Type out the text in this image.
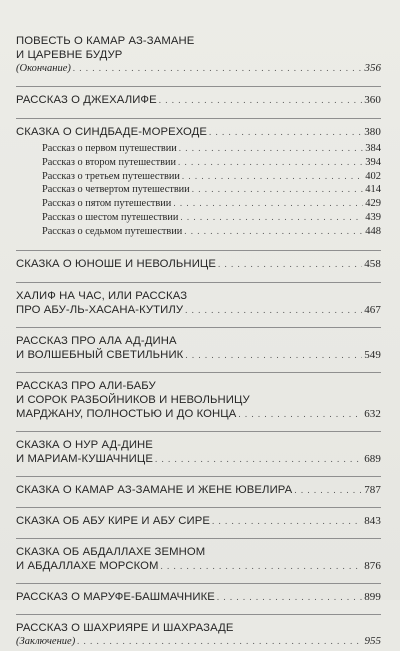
ПОВЕСТЬ О КАМАР АЗ-ЗАМАНЕ
И ЦАРЕВНЕ БУДУР
(Окончание) . . .	356
РАССКАЗ О ДЖЕХАЛИФЕ . . .	360
СКАЗКА О СИНДБАДЕ-МОРЕХОДЕ . . .	380
Рассказ о первом путешествии . . .	384
Рассказ о втором путешествии . . .	394
Рассказ о третьем путешествии . . .	402
Рассказ о четвертом путешествии . . .	414
Рассказ о пятом путешествии . . .	429
Рассказ о шестом путешествии . . .	439
Рассказ о седьмом путешествии . . .	448
СКАЗКА О ЮНОШЕ И НЕВОЛЬНИЦЕ . . .	458
ХАЛИФ НА ЧАС, ИЛИ РАССКАЗ
ПРО АБУ-ЛЬ-ХАСАНА-КУТИЛУ . . .	467
РАССКАЗ ПРО АЛА АД-ДИНА
И ВОЛШЕБНЫЙ СВЕТИЛЬНИК . . .	549
РАССКАЗ ПРО АЛИ-БАБУ
И СОРОК РАЗБОЙНИКОВ И НЕВОЛЬНИЦУ
МАРДЖАНУ, ПОЛНОСТЬЮ И ДО КОНЦА . . .	632
СКАЗКА О НУР АД-ДИНЕ
И МАРИАМ-КУШАЧНИЦЕ . . .	689
СКАЗКА О КАМАР АЗ-ЗАМАНЕ И ЖЕНЕ ЮВЕЛИРА . . .	787
СКАЗКА ОБ АБУ КИРЕ И АБУ СИРЕ . . .	843
СКАЗКА ОБ АБДАЛЛАХЕ ЗЕМНОМ
И АБДАЛЛАХЕ МОРСКОМ . . .	876
РАССКАЗ О МАРУФЕ-БАШМАЧНИКЕ . . .	899
РАССКАЗ О ШАХРИЯРЕ И ШАХРАЗАДЕ
(Заключение) . . .	955
